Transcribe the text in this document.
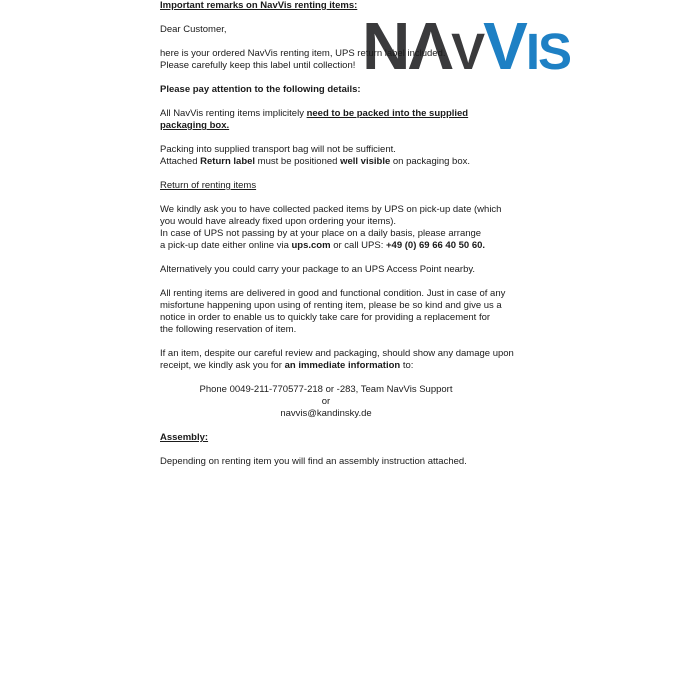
NΛVVIS
Important remarks on NavVis renting items:
Dear Customer,
here is your ordered NavVis renting item, UPS return label included.
Please carefully keep this label until collection!
Please pay attention to the following details:
All NavVis renting items implicitely need to be packed into the supplied
packaging box.
Packing into supplied transport bag will not be sufficient.
Attached Return label must be positioned well visible on packaging box.
Return of renting items
We kindly ask you to have collected packed items by UPS on pick-up date (which
you would have already fixed upon ordering your items).
In case of UPS not passing by at your place on a daily basis, please arrange
a pick-up date either online via ups.com or call UPS: +49 (0) 69 66 40 50 60.
Alternatively you could carry your package to an UPS Access Point nearby.
All renting items are delivered in good and functional condition. Just in case of any
misfortune happening upon using of renting item, please be so kind and give us a
notice in order to enable us to quickly take care for providing a replacement for
the following reservation of item.
If an item, despite our careful review and packaging, should show any damage upon
receipt, we kindly ask you for an immediate information to:
Phone 0049-211-770577-218 or -283, Team NavVis Support
or
navvis@kandinsky.de
Assembly:
Depending on renting item you will find an assembly instruction attached.
